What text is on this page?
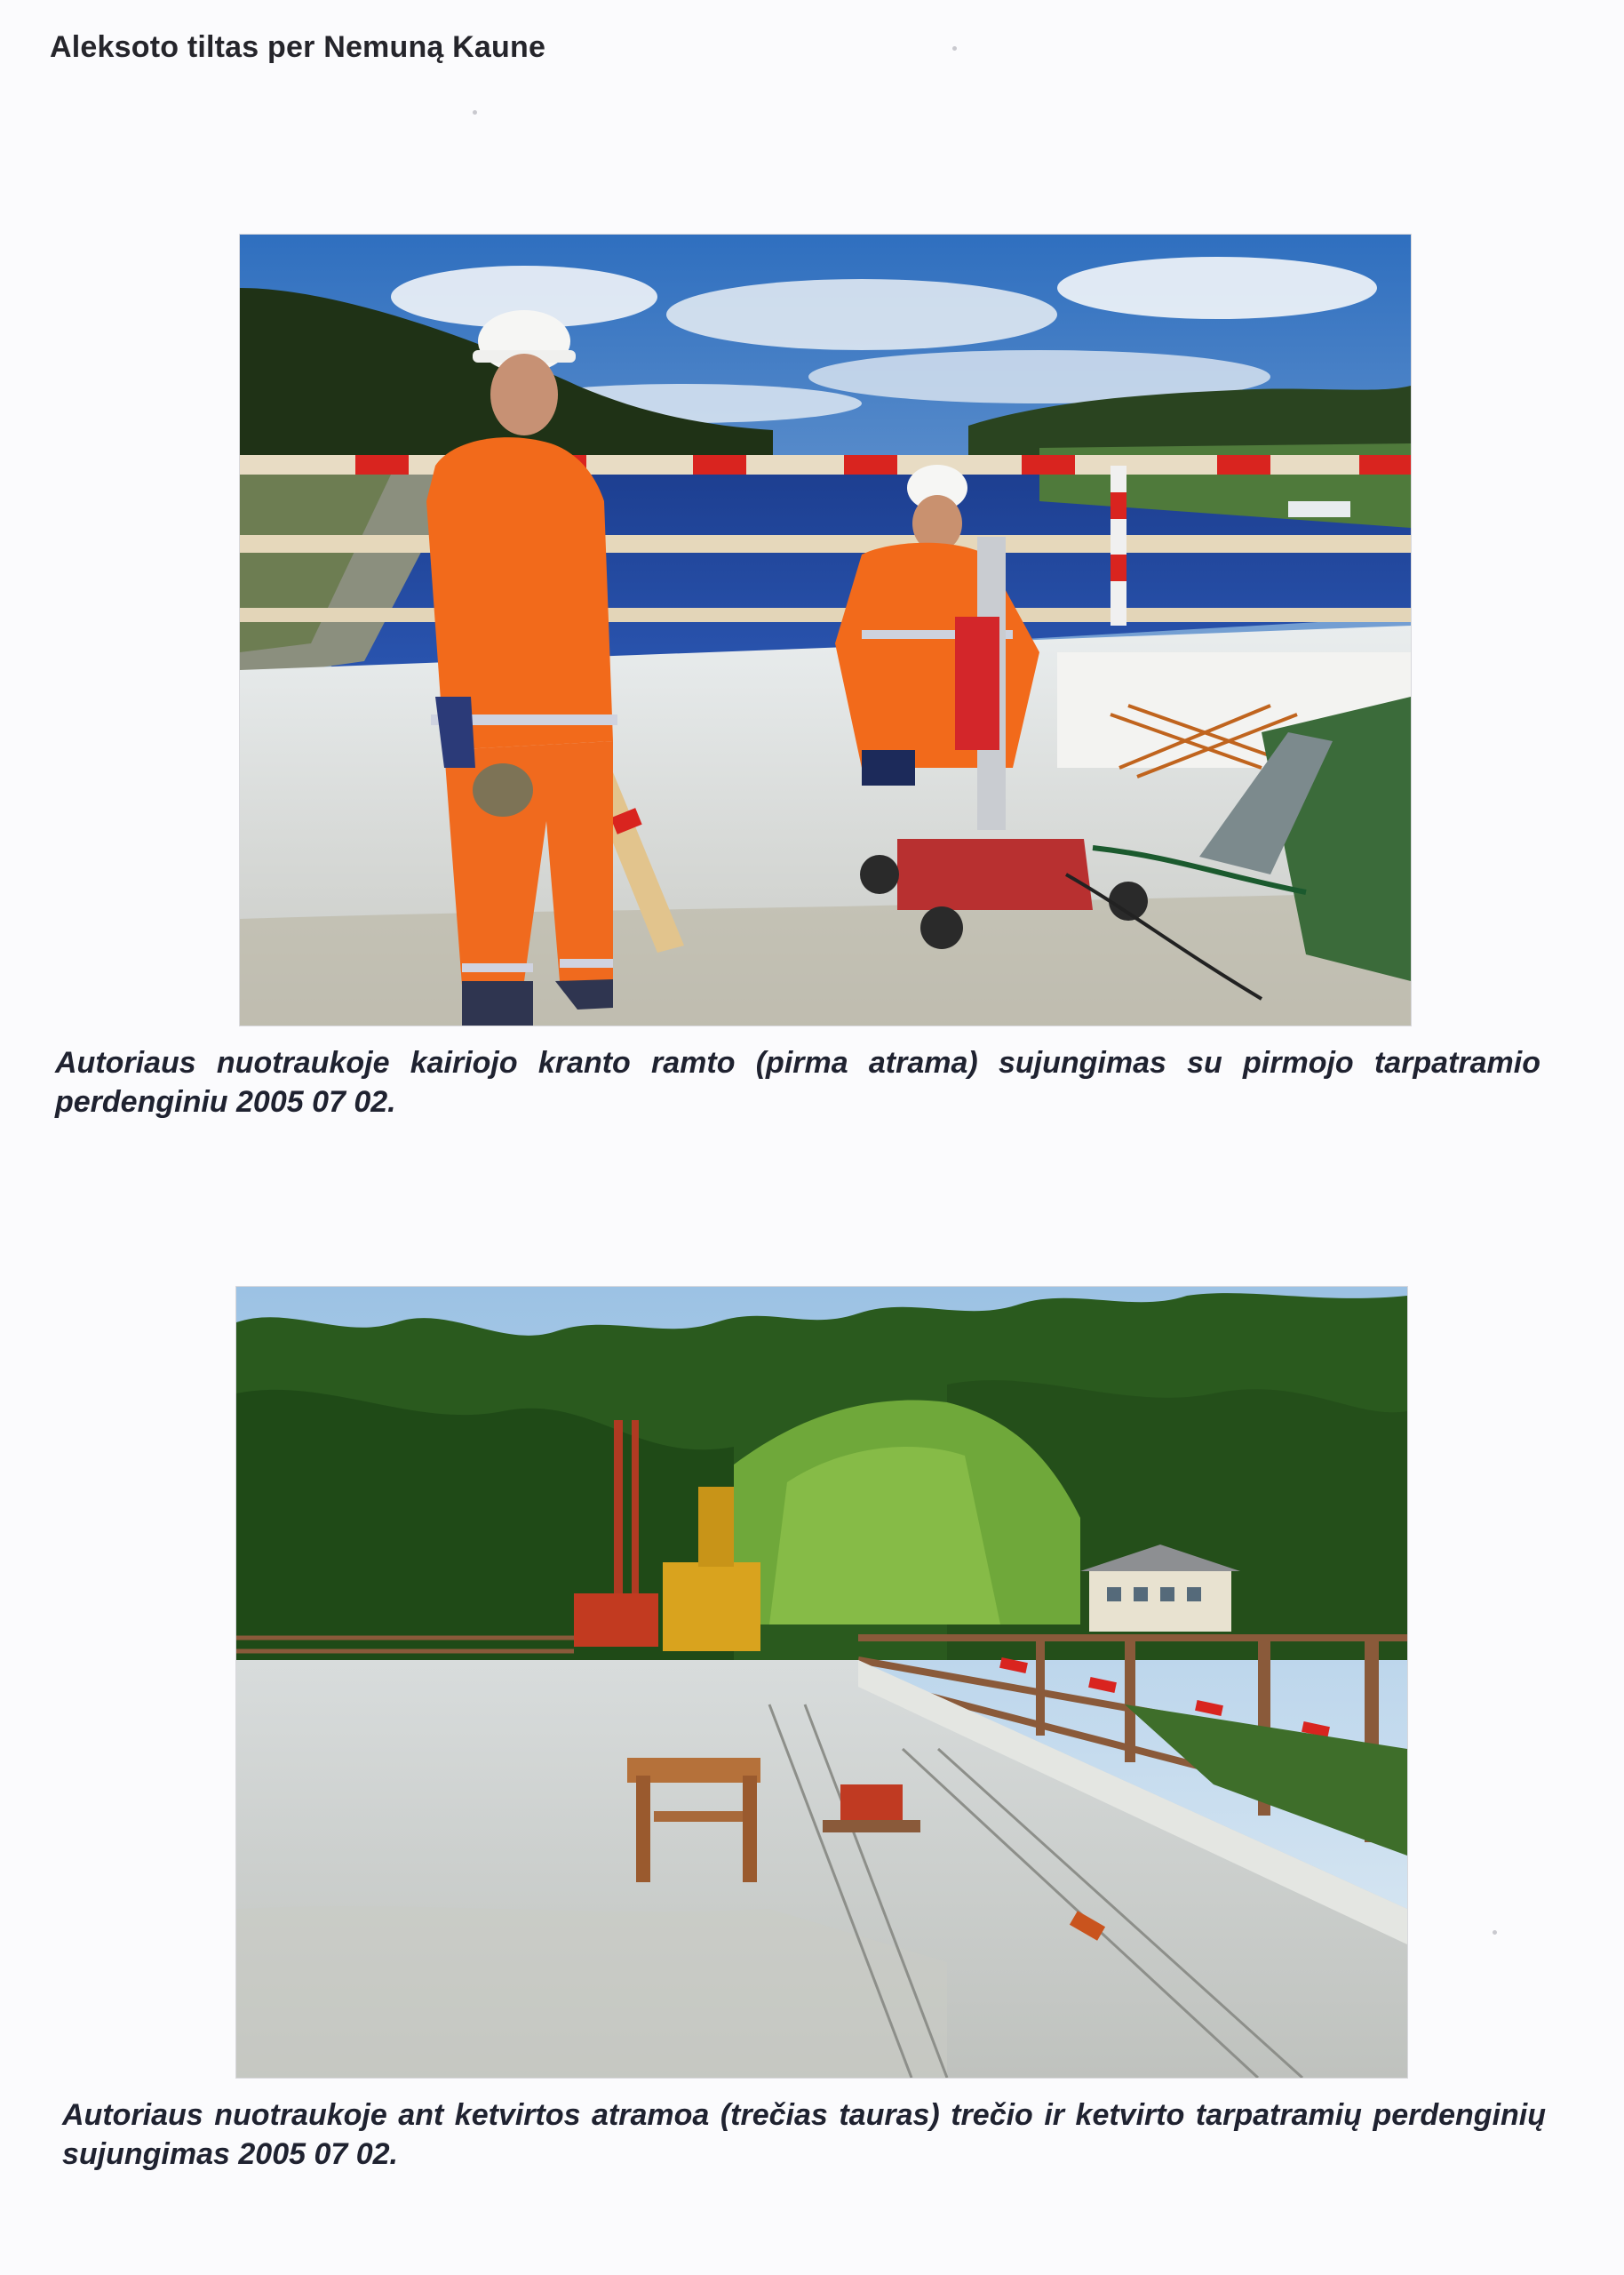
Aleksoto tiltas per Nemuną Kaune
Autoriaus nuotraukoje kairiojo kranto ramto (pirma atrama) sujungimas su pirmojo tarpatramio perdenginiu 2005 07 02.
Autoriaus nuotraukoje ant ketvirtos atramoa (trečias tauras) trečio ir ketvirto tarpatramių perdenginių sujungimas 2005 07 02.
